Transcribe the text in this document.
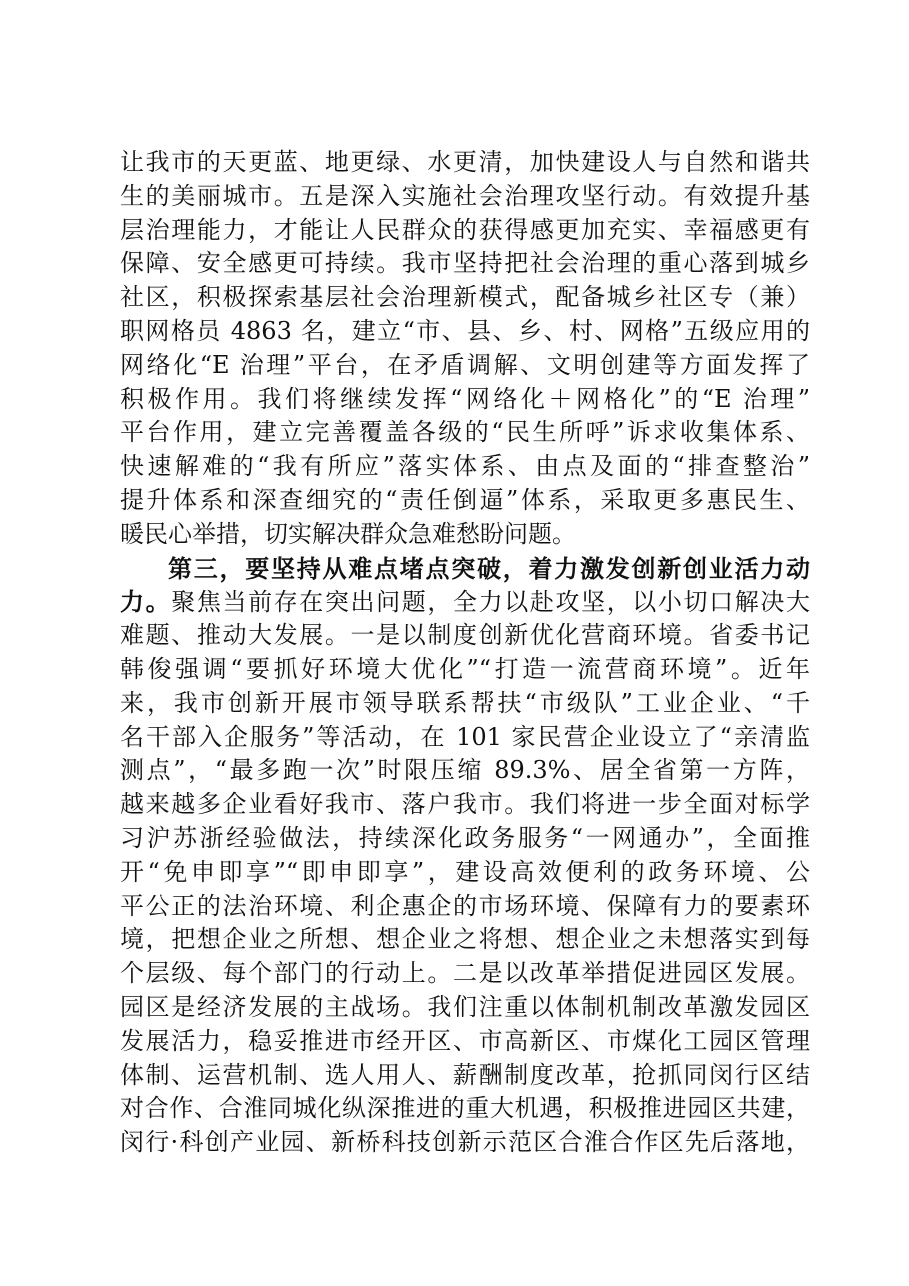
让我市的天更蓝、地更绿、水更清，加快建设人与自然和谐共
生的美丽城市。五是深入实施社会治理攻坚行动。有效提升基
层治理能力，才能让人民群众的获得感更加充实、幸福感更有
保障、安全感更可持续。我市坚持把社会治理的重心落到城乡
社区，积极探索基层社会治理新模式，配备城乡社区专（兼）
职网格员 4863 名，建立“市、县、乡、村、网格”五级应用的
网络化“E 治理”平台，在矛盾调解、文明创建等方面发挥了
积极作用。我们将继续发挥“网络化＋网格化”的“E 治理”
平台作用，建立完善覆盖各级的“民生所呼”诉求收集体系、
快速解难的“我有所应”落实体系、由点及面的“排查整治”
提升体系和深查细究的“责任倒逼”体系，采取更多惠民生、
暖民心举措，切实解决群众急难愁盼问题。
第三，要坚持从难点堵点突破，着力激发创新创业活力动
力。聚焦当前存在突出问题，全力以赴攻坚，以小切口解决大
难题、推动大发展。一是以制度创新优化营商环境。省委书记
韩俊强调“要抓好环境大优化”“打造一流营商环境”。近年
来，我市创新开展市领导联系帮扶“市级队”工业企业、“千
名干部入企服务”等活动，在 101 家民营企业设立了“亲清监
测点”，“最多跑一次”时限压缩 89.3%、居全省第一方阵，
越来越多企业看好我市、落户我市。我们将进一步全面对标学
习沪苏浙经验做法，持续深化政务服务“一网通办”，全面推
开“免申即享”“即申即享”，建设高效便利的政务环境、公
平公正的法治环境、利企惠企的市场环境、保障有力的要素环
境，把想企业之所想、想企业之将想、想企业之未想落实到每
个层级、每个部门的行动上。二是以改革举措促进园区发展。
园区是经济发展的主战场。我们注重以体制机制改革激发园区
发展活力，稳妥推进市经开区、市高新区、市煤化工园区管理
体制、运营机制、选人用人、薪酬制度改革，抢抓同闵行区结
对合作、合淮同城化纵深推进的重大机遇，积极推进园区共建，
闵行·科创产业园、新桥科技创新示范区合淮合作区先后落地，
